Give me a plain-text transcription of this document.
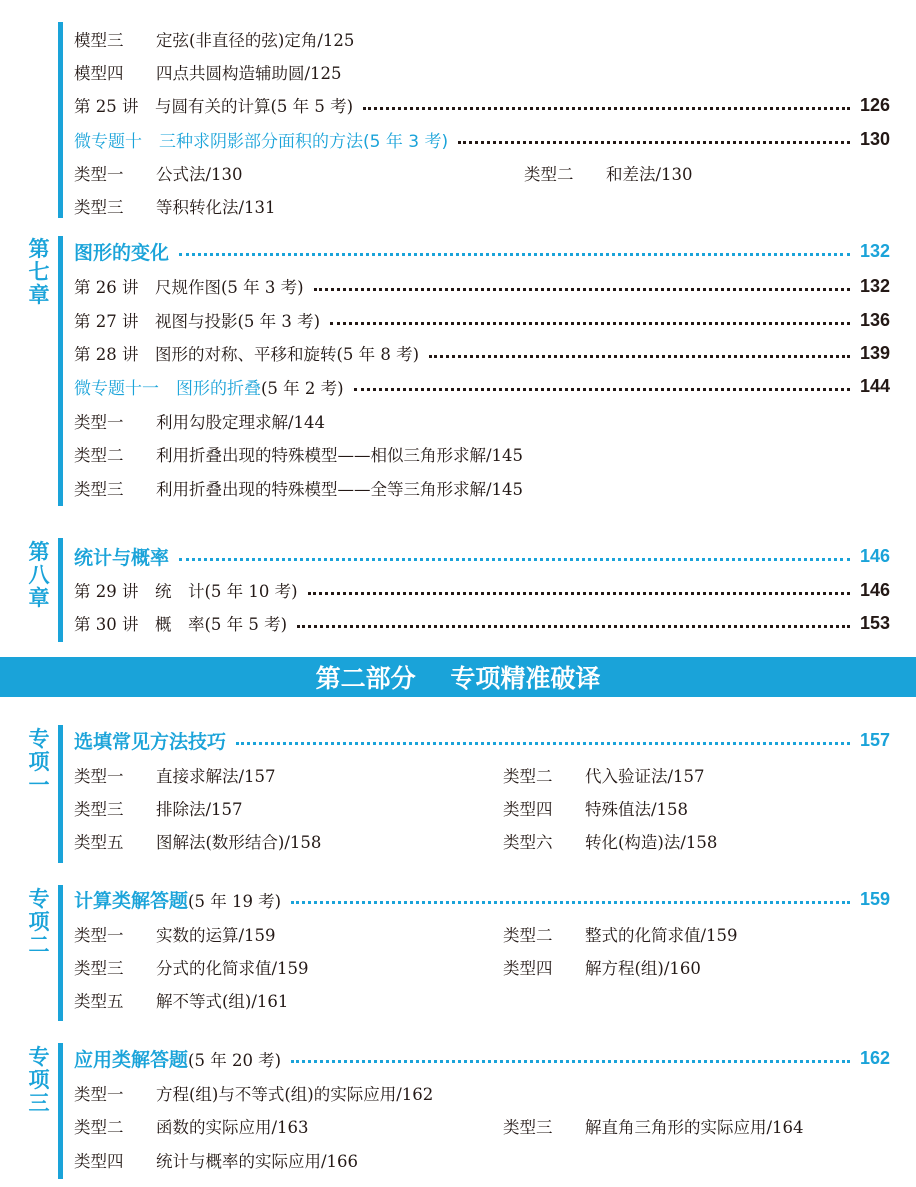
模型三	定弦(非直径的弦)定角/125
模型四	四点共圆构造辅助圆/125
第 25 讲　与圆有关的计算(5 年 5 考)	126
微专题十　三种求阴影部分面积的方法(5 年 3 考)	130
类型一	公式法/130	类型二	和差法/130
类型三	等积转化法/131
第七章
图形的变化	132
第 26 讲　尺规作图(5 年 3 考)	132
第 27 讲　视图与投影(5 年 3 考)	136
第 28 讲　图形的对称、平移和旋转(5 年 8 考)	139
微专题十一　图形的折叠(5 年 2 考)	144
类型一	利用勾股定理求解/144
类型二	利用折叠出现的特殊模型——相似三角形求解/145
类型三	利用折叠出现的特殊模型——全等三角形求解/145
第八章
统计与概率	146
第 29 讲　统　计(5 年 10 考)	146
第 30 讲　概　率(5 年 5 考)	153
第二部分 专项精准破译
专项一
选填常见方法技巧	157
类型一	直接求解法/157	类型二	代入验证法/157
类型三	排除法/157	类型四	特殊值法/158
类型五	图解法(数形结合)/158	类型六	转化(构造)法/158
专项二
计算类解答题(5 年 19 考)	159
类型一	实数的运算/159	类型二	整式的化简求值/159
类型三	分式的化简求值/159	类型四	解方程(组)/160
类型五	解不等式(组)/161
专项三
应用类解答题(5 年 20 考)	162
类型一	方程(组)与不等式(组)的实际应用/162
类型二	函数的实际应用/163	类型三	解直角三角形的实际应用/164
类型四	统计与概率的实际应用/166
